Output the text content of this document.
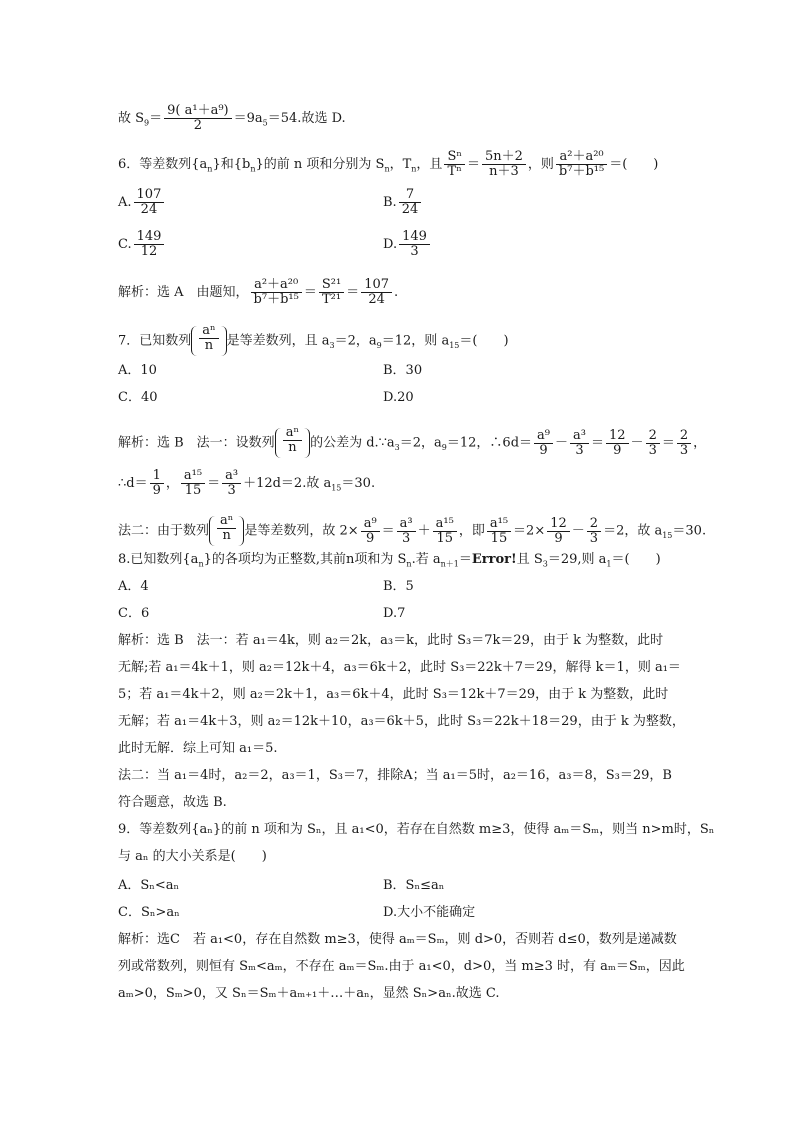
故 $S_9= \frac{\text{9( a¹＋a⁹)}}{2} =9a_5=54$.故选 D.
6．等差数列$\{a_n\}$和$\{b_n\}$的前 n 项和分别为 $S_n$，$T_n$，且 $\frac{\text{Sⁿ}}{\text{Tⁿ}} = \frac{5n+2}{n+3}$ ，则 $\frac{\text{a²＋a²⁰}}{\text{b⁷＋b¹⁵}}$ ＝(　　)
A. $\frac{107}{24}$	B. $\frac{7}{24}$
C. $\frac{149}{12}$	D. $\frac{149}{3}$
解析：选 A　由题知， $\frac{\text{a²＋a²⁰}}{\text{b⁷＋b¹⁵}} = \frac{\text{S²¹}}{\text{T²¹}} = \frac{107}{24}$ .
7．已知数列 $\frac{\text{aⁿ}}{n}$ 是等差数列，且 $a_3=2$，$a_9=12$，则 $a_{15}=$(　　)
A．10	B．30
C．40	D.20
解析：选 B　法一：设数列 $\frac{\text{aⁿ}}{n}$ 的公差为 $d.\because a_3=2$，$a_9=12$，∴6d＝ $\frac{\text{a⁹}}{9} - \frac{\text{a³}}{3} = \frac{12}{9} - \frac{2}{3} = \frac{2}{3}$ ，
∴d＝ $\frac{1}{9}$ ， $\frac{\text{a¹⁵}}{15} = \frac{\text{a³}}{3} +12d=2$.故 $a_{15}=30$.
法二：由于数列 $\frac{\text{aⁿ}}{n}$ 是等差数列，故 $2\times \frac{\text{a⁹}}{9} = \frac{\text{a³}}{3} + \frac{\text{a¹⁵}}{15}$ ，即 $\frac{\text{a¹⁵}}{15} =2\times \frac{12}{9} - \frac{2}{3} =2$，故 $a_{15}=30$.
8.已知数列$\{a_n\}$的各项均为正整数,其前n项和为 $S_n$.若 $a_{n+1}=Error$!且 $S_3=29$,则 $a_1=$(　　)
A．4	B．5
C．6	D.7
解析：选 B　法一：若 a₁＝4k，则 a₂＝2k，a₃＝k，此时 S₃＝7k＝29，由于 k 为整数，此时
无解;若 a₁＝4k＋1，则 a₂＝12k＋4，a₃＝6k＋2，此时 S₃＝22k＋7＝29，解得 k＝1，则 a₁＝
5；若 a₁＝4k＋2，则 a₂＝2k＋1，a₃＝6k＋4，此时 S₃＝12k＋7＝29，由于 k 为整数，此时
无解；若 a₁＝4k＋3，则 a₂＝12k＋10，a₃＝6k＋5，此时 S₃＝22k＋18＝29，由于 k 为整数，
此时无解．综上可知 a₁＝5.
法二：当 a₁＝4时，a₂＝2，a₃＝1，S₃＝7，排除A；当 a₁＝5时，a₂＝16，a₃＝8，S₃＝29，B
符合题意，故选 B.
9．等差数列{aₙ}的前 n 项和为 Sₙ，且 a₁<0，若存在自然数 m≥3，使得 aₘ＝Sₘ，则当 n>m时，Sₙ
与 aₙ 的大小关系是(　　)
A．Sₙ<aₙ	B．Sₙ≤aₙ
C．Sₙ>aₙ	D.大小不能确定
解析：选C　若 a₁<0，存在自然数 m≥3，使得 aₘ＝Sₘ，则 d>0，否则若 d≤0，数列是递减数
列或常数列，则恒有 Sₘ<aₘ，不存在 aₘ＝Sₘ.由于 a₁<0，d>0，当 m≥3 时，有 aₘ＝Sₘ，因此
aₘ>0，Sₘ>0，又 Sₙ＝Sₘ＋aₘ₊₁＋…＋aₙ，显然 Sₙ>aₙ.故选 C.
